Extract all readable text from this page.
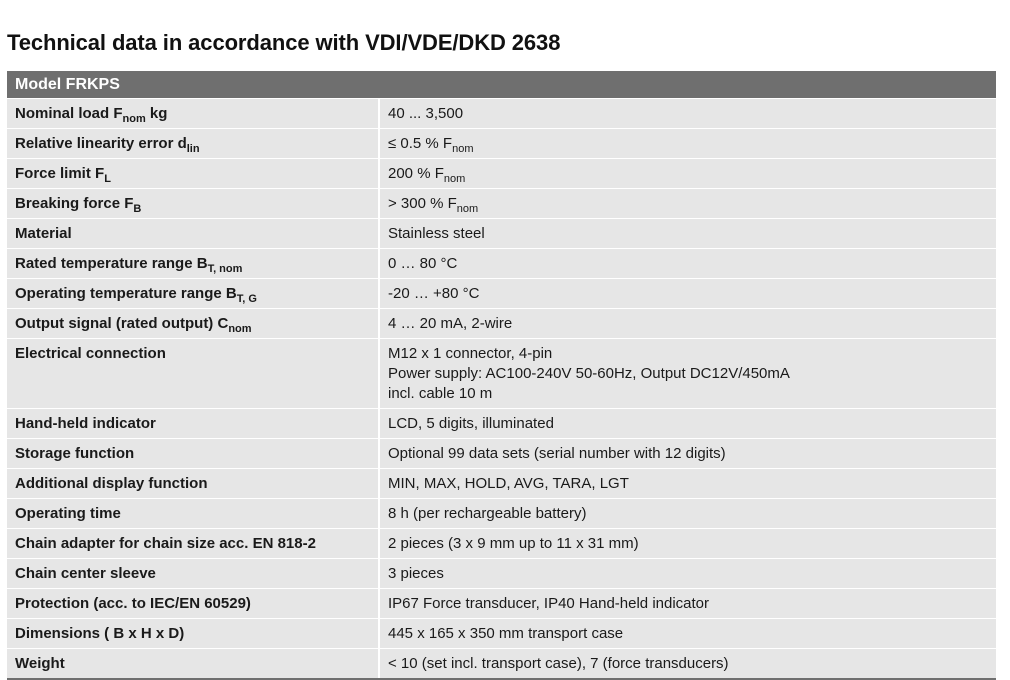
Technical data in accordance with VDI/VDE/DKD 2638
Model FRKPS
Nominal load $F_{nom}$ kg	40 ... 3,500
Relative linearity error $d_{lin}$	≤ 0.5 % $F_{nom}$
Force limit $F_L$	200 % $F_{nom}$
Breaking force $F_B$	> 300 % $F_{nom}$
Material	Stainless steel
Rated temperature range $B_{T, nom}$	0 … 80 °C
Operating temperature range $B_{T, G}$	-20 … +80 °C
Output signal (rated output) $C_{nom}$	4 … 20 mA, 2-wire
Electrical connection	M12 x 1 connector, 4-pin
Power supply: AC100-240V 50-60Hz, Output DC12V/450mA
incl. cable 10 m
Hand-held indicator	LCD, 5 digits, illuminated
Storage function	Optional 99 data sets (serial number with 12 digits)
Additional display function	MIN, MAX, HOLD, AVG, TARA, LGT
Operating time	8 h (per rechargeable battery)
Chain adapter for chain size acc. EN 818-2	2 pieces (3 x 9 mm up to 11 x 31 mm)
Chain center sleeve	3 pieces
Protection (acc. to IEC/EN 60529)	IP67 Force transducer, IP40 Hand-held indicator
Dimensions ( B x H x D)	445 x 165 x 350 mm transport case
Weight	< 10 (set incl. transport case), 7 (force transducers)
